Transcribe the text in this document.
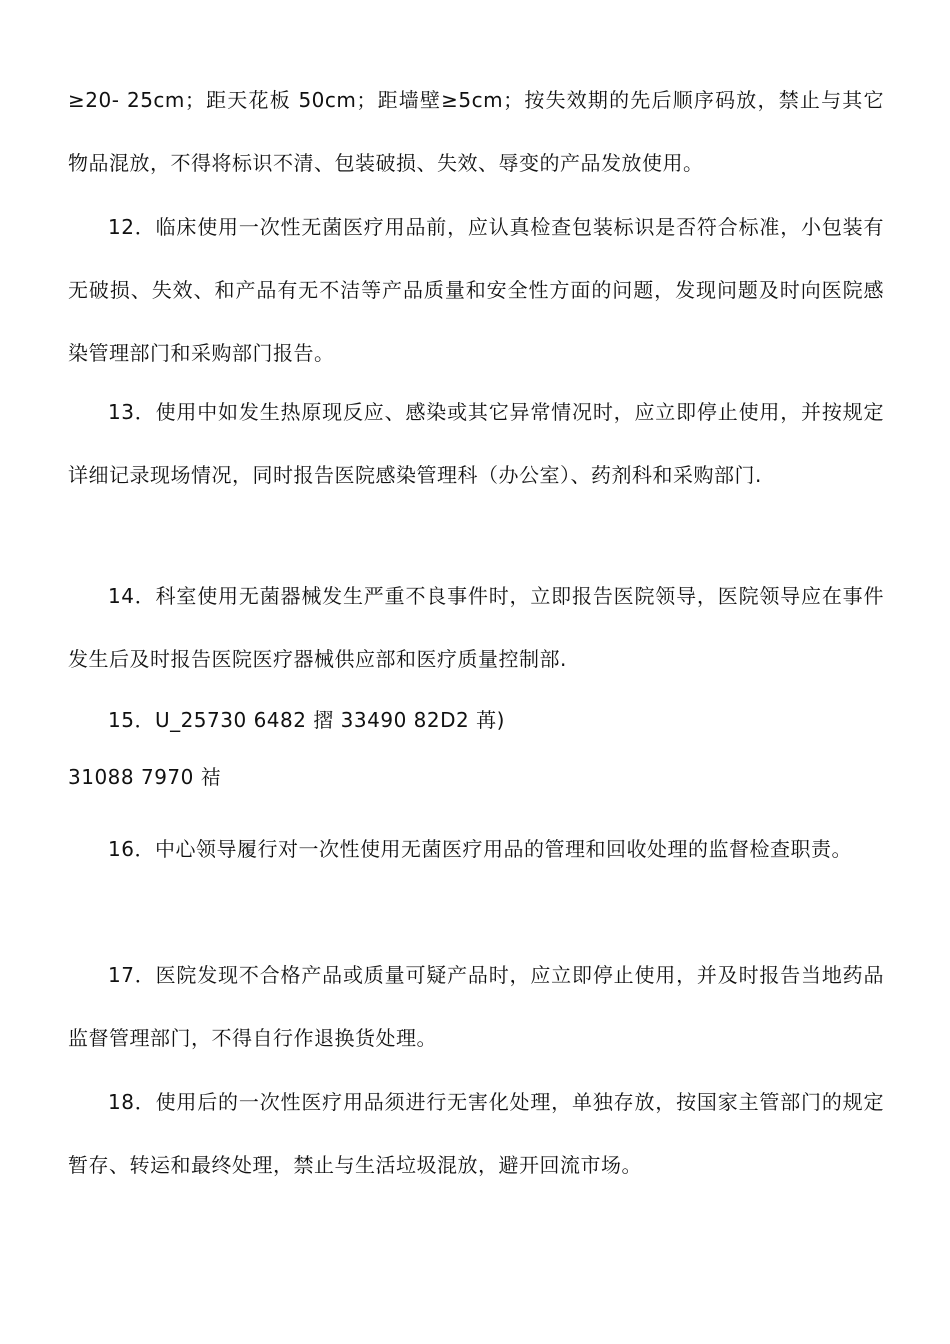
≥20- 25cm；距天花板 50cm；距墙壁≥5cm；按失效期的先后顺序码放，禁止与其它物品混放，不得将标识不清、包装破损、失效、辱变的产品发放使用。

12．临床使用一次性无菌医疗用品前，应认真检查包装标识是否符合标准，小包装有无破损、失效、和产品有无不洁等产品质量和安全性方面的问题，发现问题及时向医院感染管理部门和采购部门报告。

13．使用中如发生热原现反应、感染或其它异常情况时，应立即停止使用，并按规定详细记录现场情况，同时报告医院感染管理科（办公室）、药剂科和采购部门.

14．科室使用无菌器械发生严重不良事件时，立即报告医院领导，医院领导应在事件发生后及时报告医院医疗器械供应部和医疗质量控制部.

15．U_25730 6482 摺 33490 82D2 苒)

31088 7970 祮

16．中心领导履行对一次性使用无菌医疗用品的管理和回收处理的监督检查职责。

17．医院发现不合格产品或质量可疑产品时，应立即停止使用，并及时报告当地药品监督管理部门，不得自行作退换货处理。

18．使用后的一次性医疗用品须进行无害化处理，单独存放，按国家主管部门的规定暂存、转运和最终处理，禁止与生活垃圾混放，避开回流市场。
